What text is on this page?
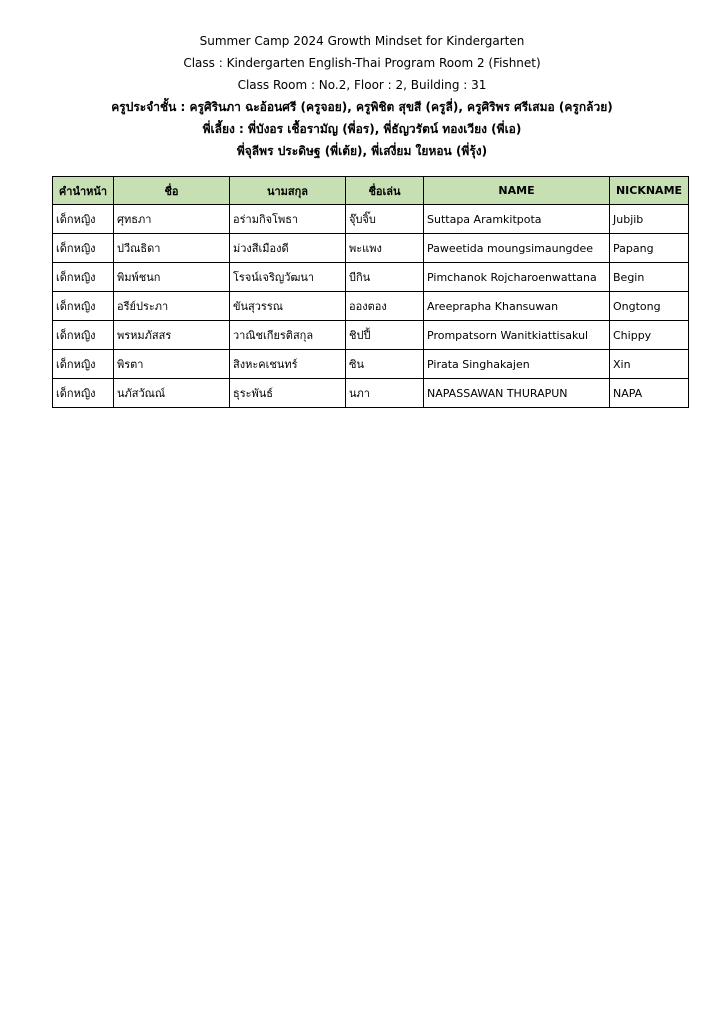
Summer Camp 2024 Growth Mindset for Kindergarten
Class : Kindergarten English-Thai Program Room 2 (Fishnet)
Class Room : No.2, Floor : 2, Building : 31
ครูประจำชั้น : ครูศิรินภา ฉะอ้อนศรี (ครูจอย), ครูพิชิต สุขสี (ครูลี่), ครูศิริพร ศรีเสมอ (ครูกล้วย)
พี่เลี้ยง : พี่บังอร เชื้อรามัญ (พี่อร), พี่ธัญวรัตน์ ทองเวียง (พี่เอ)
พี่จุลีพร ประดิษฐ (พี่เต้ย), พี่เสงี่ยม ใยหอน (พี่รุ้ง)
คำนำหน้า	ชื่อ	นามสกุล	ชื่อเล่น	NAME	NICKNAME
เด็กหญิง	ศุทธภา	อร่ามกิจโพธา	จุ๊บจิ๊บ	Suttapa Aramkitpota	Jubjib
เด็กหญิง	ปวีณธิดา	ม่วงสีเมืองดี	พะแพง	Paweetida moungsimaungdee	Papang
เด็กหญิง	พิมพ์ชนก	โรจน์เจริญวัฒนา	บีกิน	Pimchanok Rojcharoenwattana	Begin
เด็กหญิง	อรีย์ประภา	ขันสุวรรณ	อองตอง	Areeprapha Khansuwan	Ongtong
เด็กหญิง	พรหมภัสสร	วาณิชเกียรติสกุล	ชิปปี้	Prompatsorn Wanitkiattisakul	Chippy
เด็กหญิง	พิรตา	สิงหะคเชนทร์	ซิน	Pirata Singhakajen	Xin
เด็กหญิง	นภัสวัณณ์	ธุระพันธ์	นภา	NAPASSAWAN THURAPUN	NAPA
